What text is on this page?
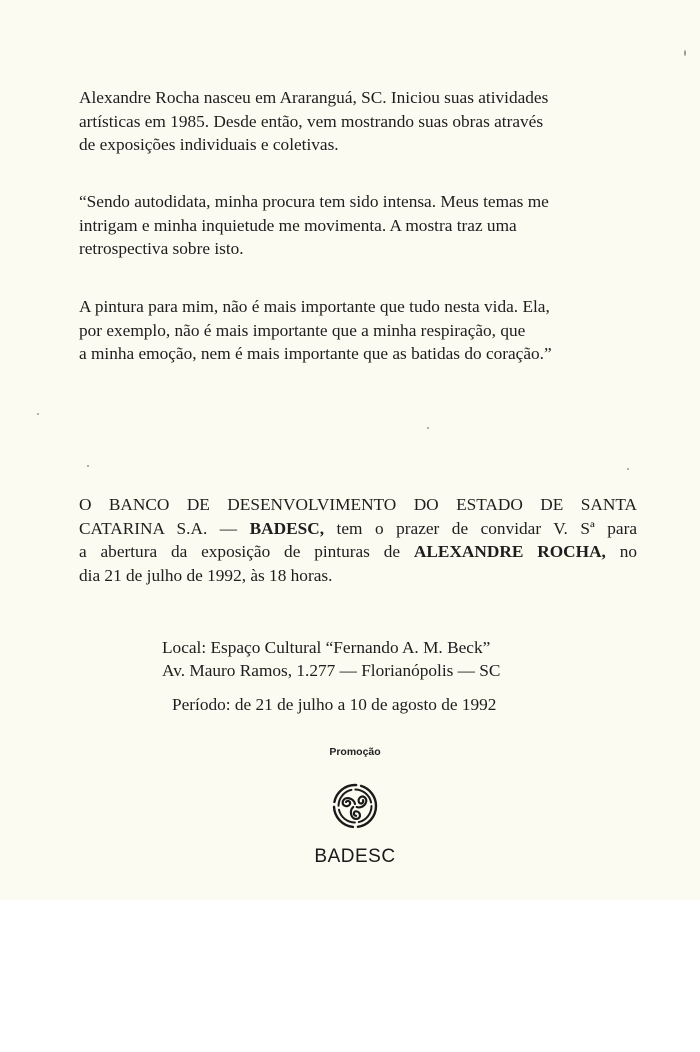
Alexandre Rocha nasceu em Araranguá, SC. Iniciou suas atividades
artísticas em 1985. Desde então, vem mostrando suas obras através
de exposições individuais e coletivas.
“Sendo autodidata, minha procura tem sido intensa. Meus temas me
intrigam e minha inquietude me movimenta. A mostra traz uma
retrospectiva sobre isto.
A pintura para mim, não é mais importante que tudo nesta vida. Ela,
por exemplo, não é mais importante que a minha respiração, que
a minha emoção, nem é mais importante que as batidas do coração.”
O BANCO DE DESENVOLVIMENTO DO ESTADO DE SANTA
CATARINA S.A. — BADESC, tem o prazer de convidar V. Sª para
a abertura da exposição de pinturas de ALEXANDRE ROCHA, no
dia 21 de julho de 1992, às 18 horas.
Local: Espaço Cultural “Fernando A. M. Beck”
Av. Mauro Ramos, 1.277 — Florianópolis — SC
Período: de 21 de julho a 10 de agosto de 1992
Promoção
BADESC
